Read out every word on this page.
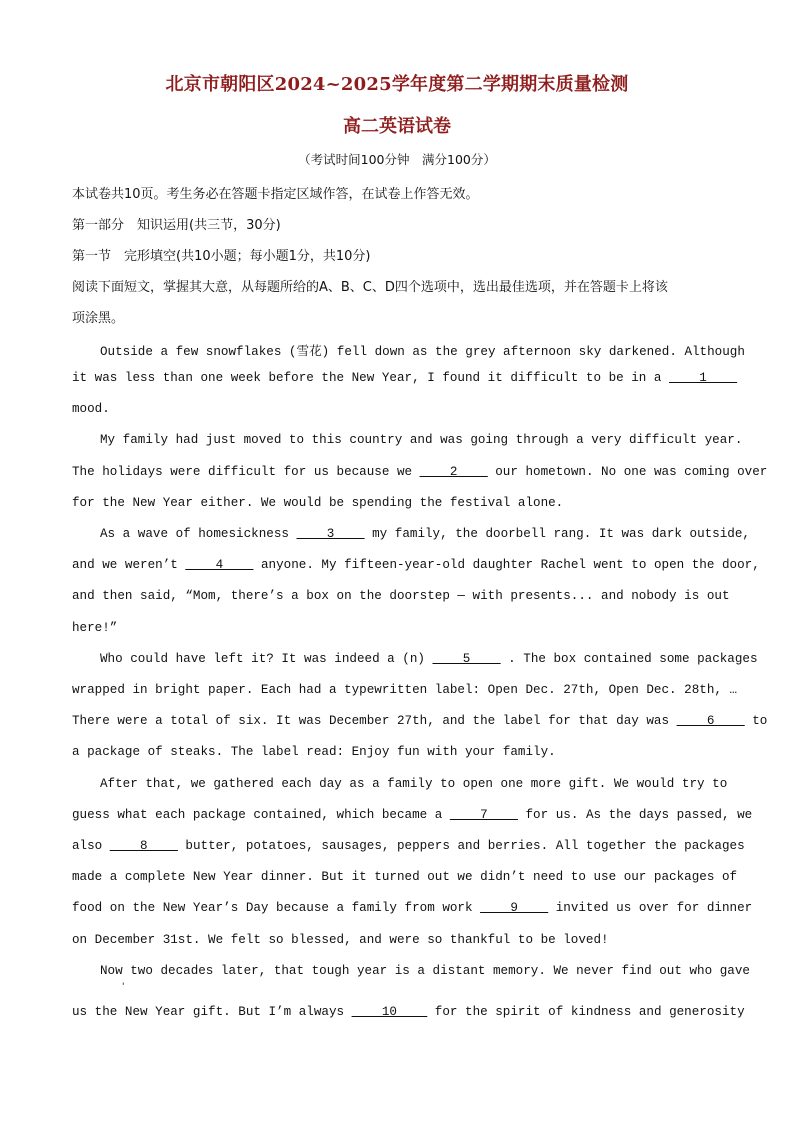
北京市朝阳区2024~2025学年度第二学期期末质量检测
高二英语试卷
（考试时间100分钟　满分100分）
本试卷共10页。考生务必在答题卡指定区域作答，在试卷上作答无效。
第一部分　知识运用(共三节，30分)
第一节　完形填空(共10小题；每小题1分，共10分)
阅读下面短文，掌握其大意，从每题所给的A、B、C、D四个选项中，选出最佳选项，并在答题卡上将该
项涂黑。
Outside a few snowflakes (雪花) fell down as the grey afternoon sky darkened. Although
it was less than one week before the New Year, I found it difficult to be in a ____1____
mood.
My family had just moved to this country and was going through a very difficult year.
The holidays were difficult for us because we ____2____ our hometown. No one was coming over
for the New Year either. We would be spending the festival alone.
As a wave of homesickness ____3____ my family, the doorbell rang. It was dark outside,
and we weren’t ____4____ anyone. My fifteen-year-old daughter Rachel went to open the door,
and then said, “Mom, there’s a box on the doorstep — with presents... and nobody is out
here!”
Who could have left it? It was indeed a (n) ____5____ . The box contained some packages
wrapped in bright paper. Each had a typewritten label: Open Dec. 27th, Open Dec. 28th, …
There were a total of six. It was December 27th, and the label for that day was ____6____ to
a package of steaks. The label read: Enjoy fun with your family.
After that, we gathered each day as a family to open one more gift. We would try to
guess what each package contained, which became a ____7____ for us. As the days passed, we
also ____8____ butter, potatoes, sausages, peppers and berries. All together the packages
made a complete New Year dinner. But it turned out we didn’t need to use our packages of
food on the New Year’s Day because a family from work ____9____ invited us over for dinner
on December 31st. We felt so blessed, and were so thankful to be loved!
Now two decades later, that tough year is a distant memory. We never find out who gave
'
us the New Year gift. But I’m always ____10____ for the spirit of kindness and generosity
